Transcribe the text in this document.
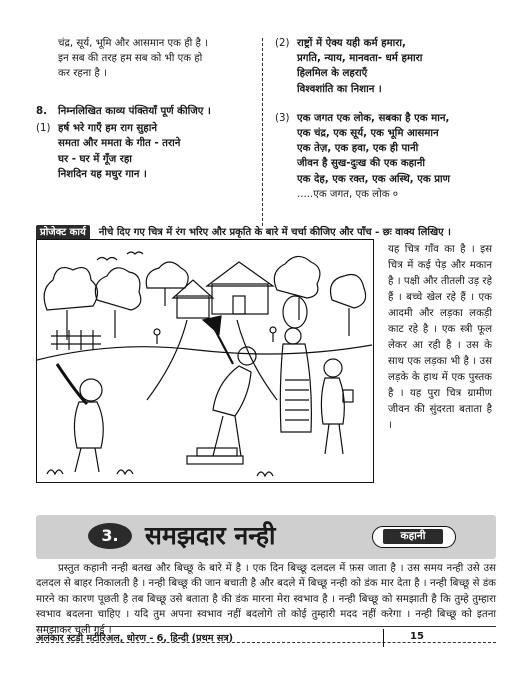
चंद्र, सूर्य, भूमि और आसमान एक ही है ।
इन सब की तरह हम सब को भी एक हो
कर रहना है ।
8.	निम्नलिखित काव्य पंक्तियाँ पूर्ण कीजिए ।
(1) हर्ष भरे गाएँ हम राग सुहाने
समता और ममता के गीत - तराने
घर - घर में गूँज रहा
निशदिन यह मधुर गान ।
(2) राष्ट्रों में ऐक्य यही कर्म हमारा,
प्रगति, न्याय, मानवता- धर्म हमारा
हिलमिल के लहराएँ
विश्वशांति का निशान ।
(3) एक जगत एक लोक, सबका है एक मान,
एक चंद्र, एक सूर्य, एक भूमि आसमान
एक तेज़, एक हवा, एक ही पानी
जीवन है सुख-दुःख की एक कहानी
एक देह, एक रक्त, एक अस्थि, एक प्राण
.....एक जगत, एक लोक ०
प्रोजेक्ट कार्य नीचे दिए गए चित्र में रंग भरिए और प्रकृति के बारे में चर्चा कीजिए और पाँच - छः वाक्य लिखिए ।
यह चित्र गाँव का है । इस चित्र में कई पेड़ और मकान है । पक्षी और तीतली उड़ रहे हैं । बच्चे खेल रहे हैं । एक आदमी और लड़का लकड़ी काट रहे है । एक स्त्री फूल लेकर आ रही है । उस के साथ एक लड़का भी है । उस लड़के के हाथ में एक पुस्तक है । यह पुरा चित्र ग्रामीण जीवन की सुंदरता बताता है ।
3.	समझदार नन्ही	कहानी
प्रस्तुत कहानी नन्ही बतख और बिच्छू के बारे में है । एक दिन बिच्छू दलदल में फ़स जाता है । उस समय नन्ही उसे उस दलदल से बाहर निकालती है । नन्ही बिच्छू की जान बचाती है और बदले में बिच्छू नन्ही को डंक मार देता है । नन्ही बिच्छू से डंक मारने का कारण पूछती है तब बिच्छू उसे बताता है की डंक मारना मेरा स्वभाव है । नन्ही बिच्छू को समझाती है कि तुम्हे तुम्हारा स्वभाव बदलना चाहिए । यदि तुम अपना स्वभाव नहीं बदलोगे तो कोई तुम्हारी मदद नहीं करेगा । नन्ही बिच्छू को इतना समझाकर चली गई ।
अलंकार स्टडी मटीरिअल, धोरण - 6, हिन्दी (प्रथम सत्र)	15
